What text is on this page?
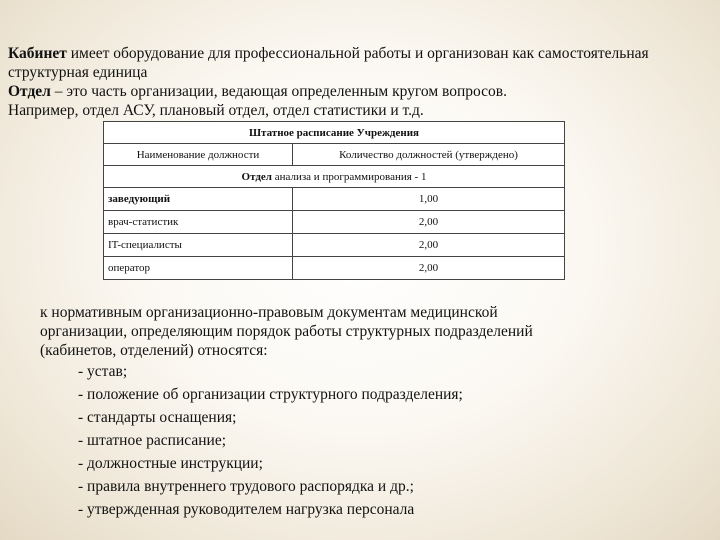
Кабинет имеет оборудование для профессиональной работы и организован как самостоятельная структурная единица

Отдел – это часть организации, ведающая определенным кругом вопросов.

Например, отдел АСУ, плановый отдел, отдел статистики и т.д.

Штатное расписание Учреждения	
Наименование должности	Количество должностей (утверждено)
Отдел анализа и программирования - 1	
заведующий	1,00
врач-статистик	2,00
IT-специалисты	2,00
оператор	2,00

к нормативным организационно-правовым документам медицинской

организации, определяющим порядок работы структурных подразделений

(кабинетов, отделений) относятся:

- устав;
- положение об организации структурного подразделения;
- стандарты оснащения;
- штатное расписание;
- должностные инструкции;
- правила внутреннего трудового распорядка и др.;
- утвержденная руководителем нагрузка персонала
